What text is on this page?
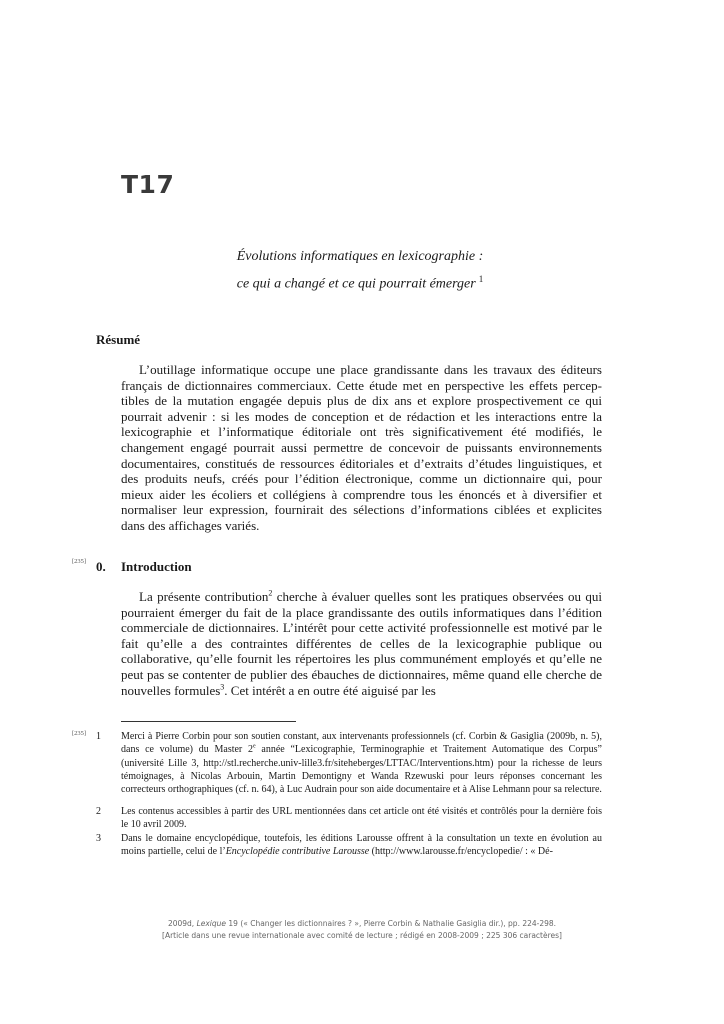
T17
Évolutions informatiques en lexicographie :
ce qui a changé et ce qui pourrait émerger $^1$
Résumé
L’outillage informatique occupe une place grandissante dans les travaux des éditeurs français de dictionnaires commerciaux. Cette étude met en perspective les effets perceptibles de la mutation engagée depuis plus de dix ans et explore prospectivement ce qui pourrait advenir : si les modes de conception et de rédaction et les interactions entre la lexicographie et l’informatique éditoriale ont très significativement été modifiés, le changement engagé pourrait aussi permettre de concevoir de puissants environnements documentaires, constitués de ressources éditoriales et d’extraits d’études linguistiques, et des produits neufs, créés pour l’édition électronique, comme un dictionnaire qui, pour mieux aider les écoliers et collégiens à comprendre tous les énoncés et à diversifier et normaliser leur expression, fournirait des sélections d’informations ciblées et explicites dans des affichages variés.
[235] 0. Introduction
La présente contribution$^2$ cherche à évaluer quelles sont les pratiques observées ou qui pourraient émerger du fait de la place grandissante des outils informatiques dans l’édition commerciale de dictionnaires. L’intérêt pour cette activité professionnelle est motivé par le fait qu’elle a des contraintes différentes de celles de la lexicographie publique ou collaborative, qu’elle fournit les répertoires les plus communément employés et qu’elle ne peut pas se contenter de publier des ébauches de dictionnaires, même quand elle cherche de nouvelles formules$^3$. Cet intérêt a en outre été aiguisé par les
[235] 1 Merci à Pierre Corbin pour son soutien constant, aux intervenants professionnels (cf. Corbin & Gasiglia (2009b, n. 5), dans ce volume) du Master 2e année “Lexicographie, Terminographie et Traitement Automatique des Corpus” (université Lille 3, http://stl.recherche.univ-lille3.fr/siteheberges/LTTAC/Interventions.htm) pour la richesse de leurs témoignages, à Nicolas Arbouin, Martin Demontigny et Wanda Rzewuski pour leurs réponses concernant les correcteurs orthographiques (cf. n. 64), à Luc Audrain pour son aide documentaire et à Alise Lehmann pour sa relecture.
2 Les contenus accessibles à partir des URL mentionnées dans cet article ont été visités et contrôlés pour la dernière fois le 10 avril 2009.
3 Dans le domaine encyclopédique, toutefois, les éditions Larousse offrent à la consultation un texte en évolution au moins partielle, celui de l’Encyclopédie contributive Larousse (http://www.larousse.fr/encyclopedie/ : « Dé-
2009d, Lexique 19 (« Changer les dictionnaires ? », Pierre Corbin & Nathalie Gasiglia dir.), pp. 224-298.
[Article dans une revue internationale avec comité de lecture ; rédigé en 2008-2009 ; 225 306 caractères]
